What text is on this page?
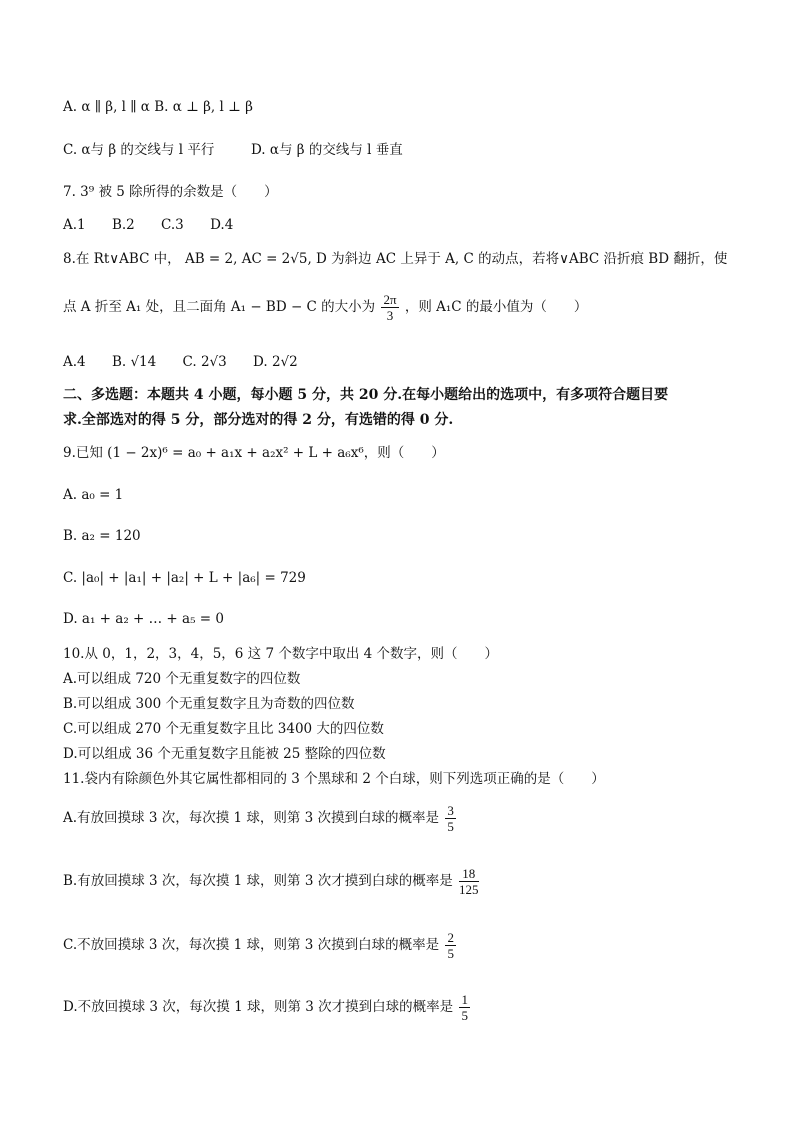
A. α ∥ β, l ∥ α B. α ⊥ β, l ⊥ β
C. α与 β 的交线与 l 平行	D. α与 β 的交线与 l 垂直
7. 3⁹ 被 5 除所得的余数是（　　）
A.1 B.2 C.3 D.4
8.在 Rt∨ABC 中， AB = 2, AC = 2√5, D 为斜边 AC 上异于 A, C 的动点，若将∨ABC 沿折痕 BD 翻折，使
点 A 折至 A₁ 处，且二面角 A₁ − BD − C 的大小为 $\frac{2\pi}{3}$ ，则 A₁C 的最小值为（　　）
A.4 B. √14 C. 2√3 D. 2√2
二、多选题：本题共 4 小题，每小题 5 分，共 20 分.在每小题给出的选项中，有多项符合题目要
求.全部选对的得 5 分，部分选对的得 2 分，有选错的得 0 分.
9.已知 (1 − 2x)⁶ = a₀ + a₁x + a₂x² + L + a₆x⁶，则（　　）
A. a₀ = 1
B. a₂ = 120
C. |a₀| + |a₁| + |a₂| + L + |a₆| = 729
D. a₁ + a₂ + … + a₅ = 0
10.从 0，1，2，3，4，5，6 这 7 个数字中取出 4 个数字，则（　　）
A.可以组成 720 个无重复数字的四位数
B.可以组成 300 个无重复数字且为奇数的四位数
C.可以组成 270 个无重复数字且比 3400 大的四位数
D.可以组成 36 个无重复数字且能被 25 整除的四位数
11.袋内有除颜色外其它属性都相同的 3 个黑球和 2 个白球，则下列选项正确的是（　　）
A.有放回摸球 3 次，每次摸 1 球，则第 3 次摸到白球的概率是 $\frac{3}{5}$
B.有放回摸球 3 次，每次摸 1 球，则第 3 次才摸到白球的概率是 $\frac{18}{125}$
C.不放回摸球 3 次，每次摸 1 球，则第 3 次摸到白球的概率是 $\frac{2}{5}$
D.不放回摸球 3 次，每次摸 1 球，则第 3 次才摸到白球的概率是 $\frac{1}{5}$
